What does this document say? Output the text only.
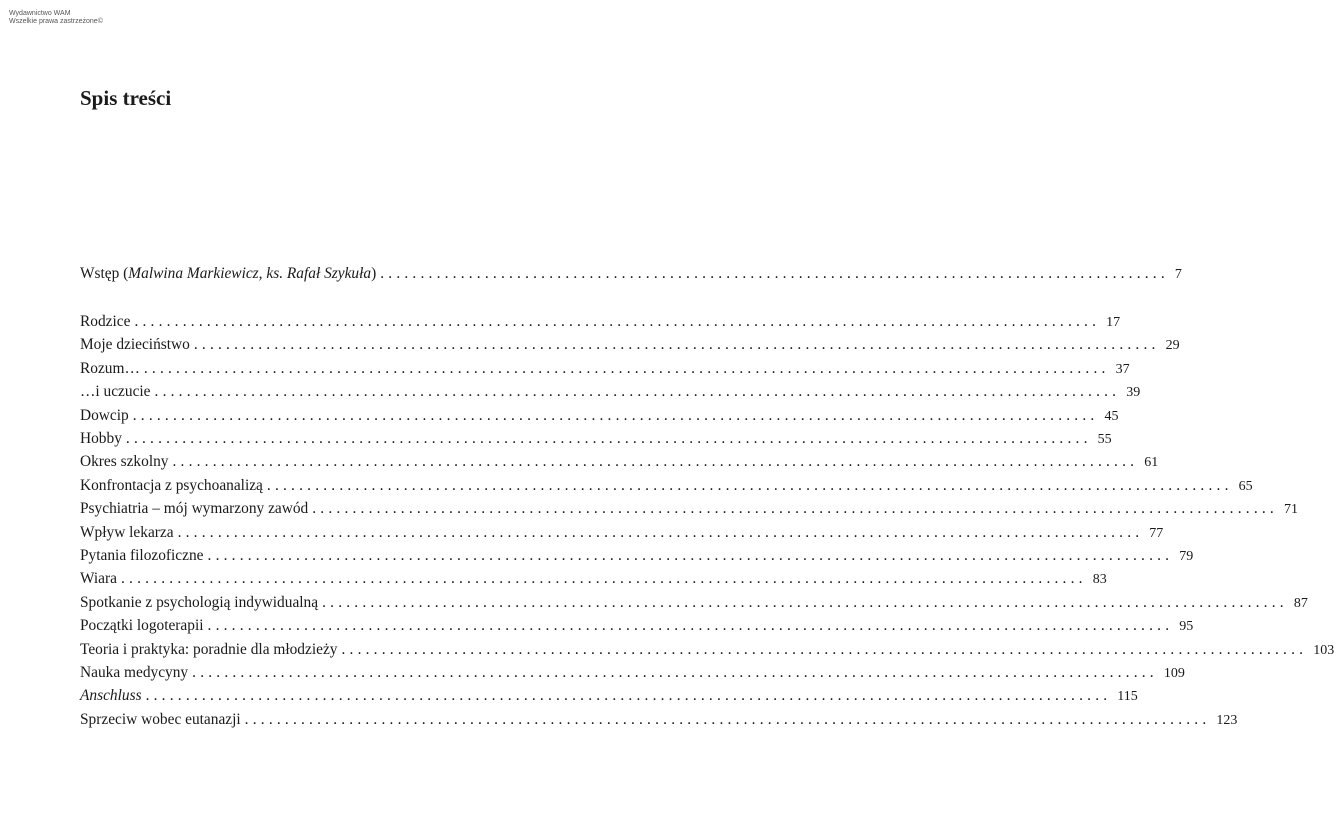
Wydawnictwo WAM
Wszelkie prawa zastrzeżone©
Spis treści
Wstęp (Malwina Markiewicz, ks. Rafał Szykuła) .................................................................................................. 7
Rodzice ........................................................................................................................ 17
Moje dzieciństwo ........................................................................................................................ 29
Rozum… ........................................................................................................................ 37
…i uczucie ........................................................................................................................ 39
Dowcip ........................................................................................................................ 45
Hobby ........................................................................................................................ 55
Okres szkolny ........................................................................................................................ 61
Konfrontacja z psychoanalizą ........................................................................................................................ 65
Psychiatria – mój wymarzony zawód ........................................................................................................................ 71
Wpływ lekarza ........................................................................................................................ 77
Pytania filozoficzne ........................................................................................................................ 79
Wiara ........................................................................................................................ 83
Spotkanie z psychologią indywidualną ........................................................................................................................ 87
Początki logoterapii ........................................................................................................................ 95
Teoria i praktyka: poradnie dla młodzieży ........................................................................................................................ 103
Nauka medycyny ........................................................................................................................ 109
Anschluss ........................................................................................................................ 115
Sprzeciw wobec eutanazji ........................................................................................................................ 123
